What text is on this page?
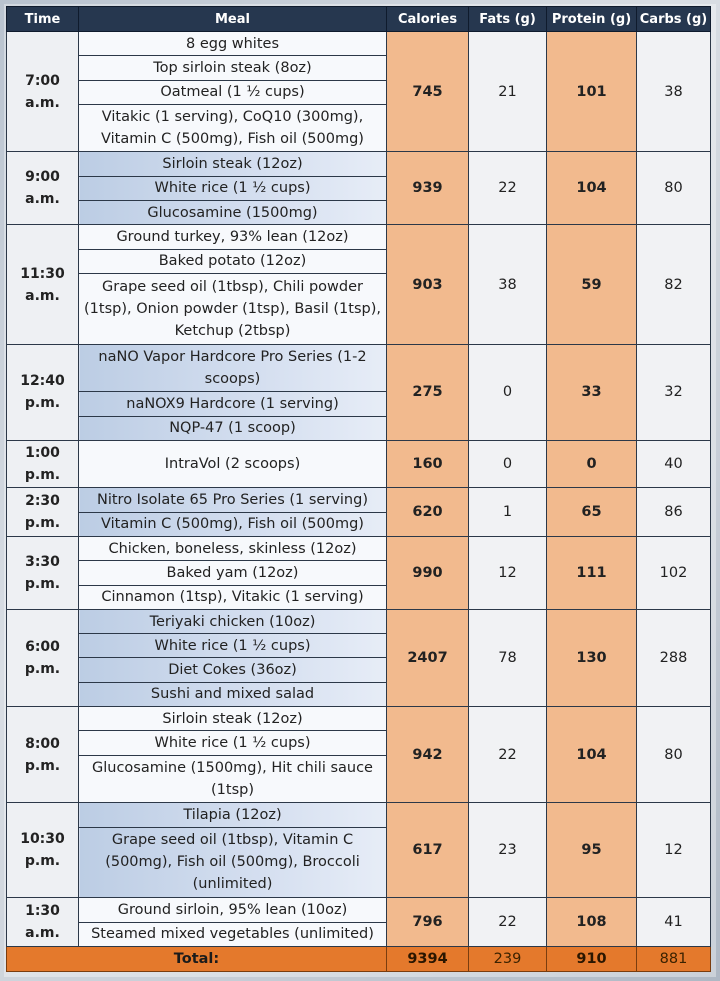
Time	Meal	Calories	Fats (g)	Protein (g)	Carbs (g)
7:00 a.m.	8 egg whites	745	21	101	38
	Top sirloin steak (8oz)				
	Oatmeal (1 ½ cups)				
	Vitakic (1 serving), CoQ10 (300mg), Vitamin C (500mg), Fish oil (500mg)				
9:00 a.m.	Sirloin steak (12oz)	939	22	104	80
	White rice (1 ½ cups)				
	Glucosamine (1500mg)				
11:30 a.m.	Ground turkey, 93% lean (12oz)	903	38	59	82
	Baked potato (12oz)				
	Grape seed oil (1tbsp), Chili powder (1tsp), Onion powder (1tsp), Basil (1tsp), Ketchup (2tbsp)				
12:40 p.m.	naNO Vapor Hardcore Pro Series (1-2 scoops)	275	0	33	32
	naNOX9 Hardcore (1 serving)				
	NQP-47 (1 scoop)				
1:00 p.m.	IntraVol (2 scoops)	160	0	0	40
2:30 p.m.	Nitro Isolate 65 Pro Series (1 serving)	620	1	65	86
	Vitamin C (500mg), Fish oil (500mg)				
3:30 p.m.	Chicken, boneless, skinless (12oz)	990	12	111	102
	Baked yam (12oz)				
	Cinnamon (1tsp), Vitakic (1 serving)				
6:00 p.m.	Teriyaki chicken (10oz)	2407	78	130	288
	White rice (1 ½ cups)				
	Diet Cokes (36oz)				
	Sushi and mixed salad				
8:00 p.m.	Sirloin steak (12oz)	942	22	104	80
	White rice (1 ½ cups)				
	Glucosamine (1500mg), Hit chili sauce (1tsp)				
10:30 p.m.	Tilapia (12oz)	617	23	95	12
	Grape seed oil (1tbsp), Vitamin C (500mg), Fish oil (500mg), Broccoli (unlimited)				
1:30 a.m.	Ground sirloin, 95% lean (10oz)	796	22	108	41
	Steamed mixed vegetables (unlimited)				
Total:		9394	239	910	881
